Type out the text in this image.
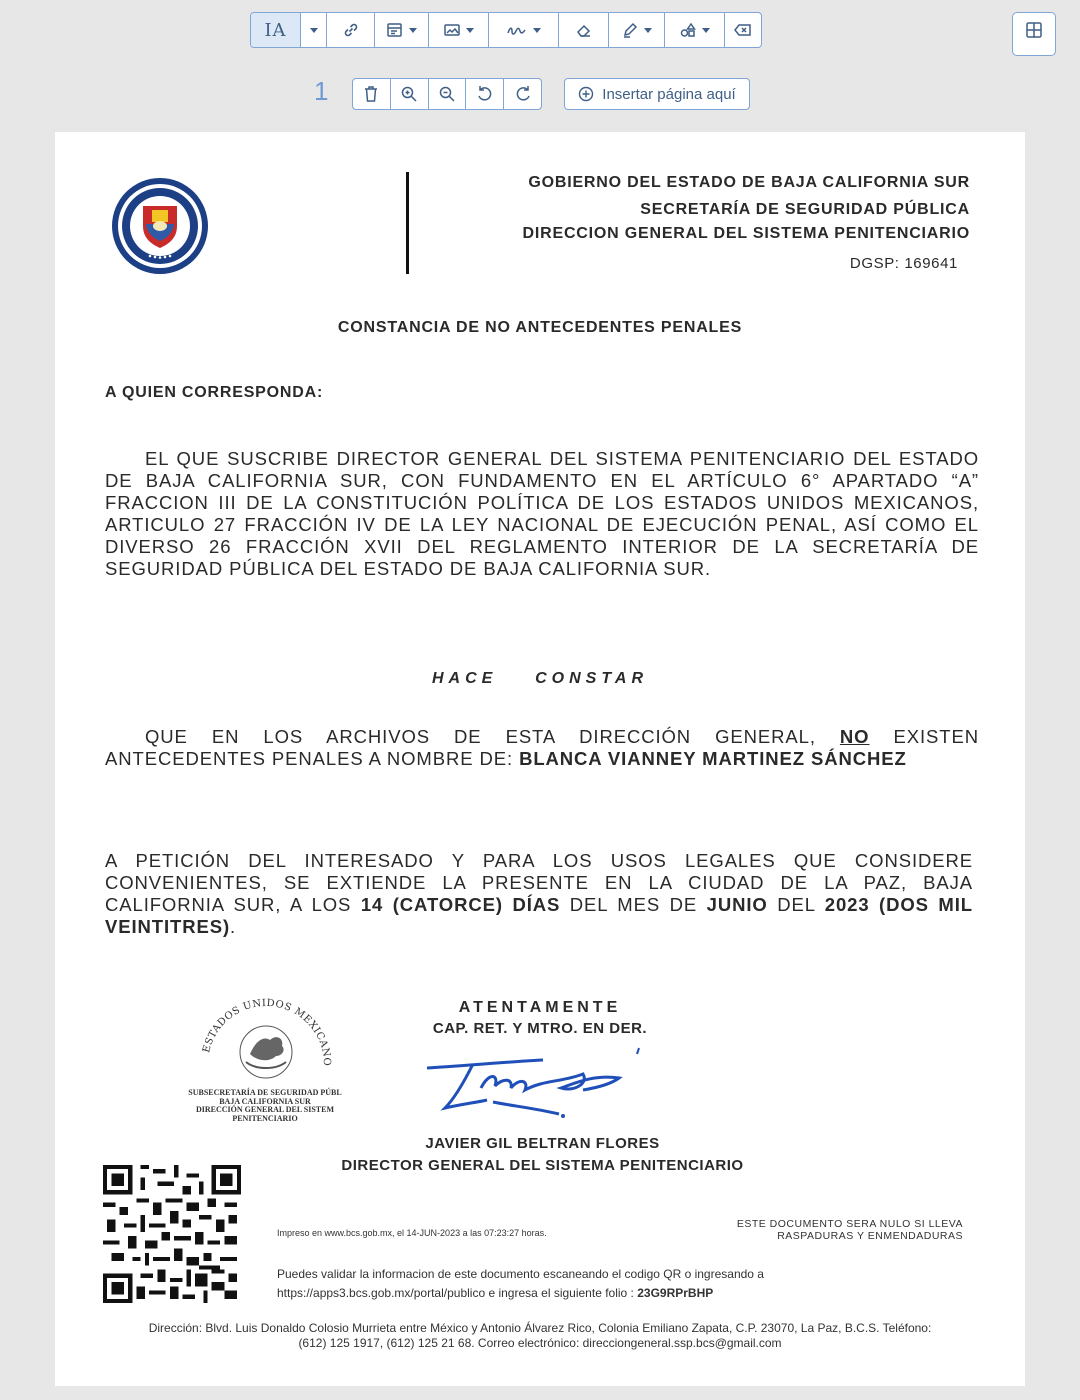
IA
1	Insertar página aquí
GOBIERNO DEL ESTADO DE BAJA CALIFORNIA SUR
SECRETARÍA DE SEGURIDAD PÚBLICA
DIRECCION GENERAL DEL SISTEMA PENITENCIARIO
DGSP: 169641
CONSTANCIA DE NO ANTECEDENTES PENALES
A QUIEN CORRESPONDA:
EL QUE SUSCRIBE DIRECTOR GENERAL DEL SISTEMA PENITENCIARIO DEL ESTADO DE BAJA CALIFORNIA SUR, CON FUNDAMENTO EN EL ARTÍCULO 6° APARTADO “A” FRACCION III DE LA CONSTITUCIÓN POLÍTICA DE LOS ESTADOS UNIDOS MEXICANOS, ARTICULO 27 FRACCIÓN IV DE LA LEY NACIONAL DE EJECUCIÓN PENAL, ASÍ COMO EL DIVERSO 26 FRACCIÓN XVII DEL REGLAMENTO INTERIOR DE LA SECRETARÍA DE SEGURIDAD PÚBLICA DEL ESTADO DE BAJA CALIFORNIA SUR.
HACE    CONSTAR
QUE EN LOS ARCHIVOS DE ESTA DIRECCIÓN GENERAL, NO EXISTEN ANTECEDENTES PENALES A NOMBRE DE: BLANCA VIANNEY MARTINEZ SÁNCHEZ
A PETICIÓN DEL INTERESADO Y PARA LOS USOS LEGALES QUE CONSIDERE CONVENIENTES, SE EXTIENDE LA PRESENTE EN LA CIUDAD DE LA PAZ, BAJA CALIFORNIA SUR, A LOS 14 (CATORCE) DÍAS DEL MES DE JUNIO DEL 2023 (DOS MIL VEINTITRES).
ESTADOS UNIDOS MEXICANO
SUBSECRETARÍA DE SEGURIDAD PÚBL
BAJA CALIFORNIA SUR
DIRECCIÓN GENERAL DEL SISTEM
PENITENCIARIO
ATENTAMENTE
CAP. RET. Y MTRO. EN DER.
JAVIER GIL BELTRAN FLORES
DIRECTOR GENERAL DEL SISTEMA PENITENCIARIO
Impreso en www.bcs.gob.mx, el 14-JUN-2023 a las 07:23:27 horas.
ESTE DOCUMENTO SERA NULO SI LLEVA
RASPADURAS Y ENMENDADURAS
Puedes validar la informacion de este documento escaneando el codigo QR o ingresando a
https://apps3.bcs.gob.mx/portal/publico e ingresa el siguiente folio : 23G9RPrBHP
Dirección: Blvd. Luis Donaldo Colosio Murrieta entre México y Antonio Álvarez Rico, Colonia Emiliano Zapata, C.P. 23070, La Paz, B.C.S. Teléfono:
(612) 125 1917, (612) 125 21 68. Correo electrónico: direcciongeneral.ssp.bcs@gmail.com
